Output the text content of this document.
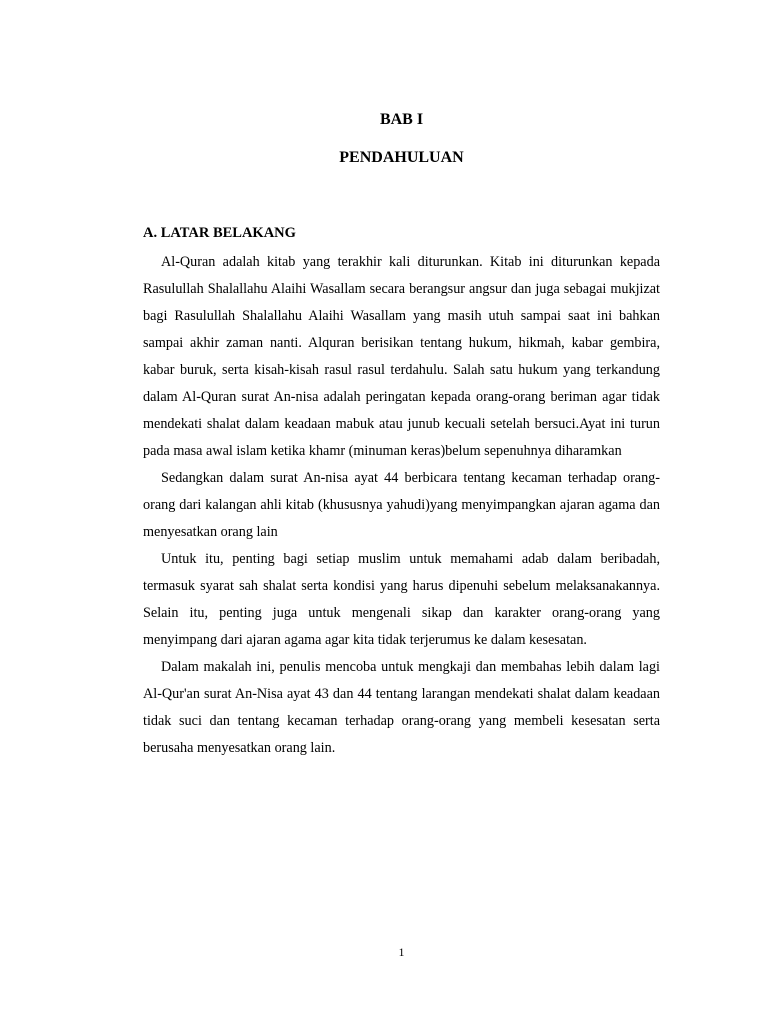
BAB I
PENDAHULUAN
A. LATAR BELAKANG

Al-Quran adalah kitab yang terakhir kali diturunkan. Kitab ini diturunkan kepada Rasulullah Shalallahu Alaihi Wasallam secara berangsur angsur dan juga sebagai mukjizat bagi Rasulullah Shalallahu Alaihi Wasallam yang masih utuh sampai saat ini bahkan sampai akhir zaman nanti. Alquran berisikan tentang hukum, hikmah, kabar gembira, kabar buruk, serta kisah-kisah rasul rasul terdahulu. Salah satu hukum yang terkandung dalam Al-Quran surat An-nisa adalah peringatan kepada orang-orang beriman agar tidak mendekati shalat dalam keadaan mabuk atau junub kecuali setelah bersuci.Ayat ini turun pada masa awal islam ketika khamr (minuman keras)belum sepenuhnya diharamkan

Sedangkan dalam surat An-nisa ayat 44 berbicara tentang kecaman terhadap orang-orang dari kalangan ahli kitab (khususnya yahudi)yang menyimpangkan ajaran agama dan menyesatkan orang lain

Untuk itu, penting bagi setiap muslim untuk memahami adab dalam beribadah, termasuk syarat sah shalat serta kondisi yang harus dipenuhi sebelum melaksanakannya. Selain itu, penting juga untuk mengenali sikap dan karakter orang-orang yang menyimpang dari ajaran agama agar kita tidak terjerumus ke dalam kesesatan.

Dalam makalah ini, penulis mencoba untuk mengkaji dan membahas lebih dalam lagi Al-Qur'an surat An-Nisa ayat 43 dan 44 tentang larangan mendekati shalat dalam keadaan tidak suci dan tentang kecaman terhadap orang-orang yang membeli kesesatan serta berusaha menyesatkan orang lain.

1
